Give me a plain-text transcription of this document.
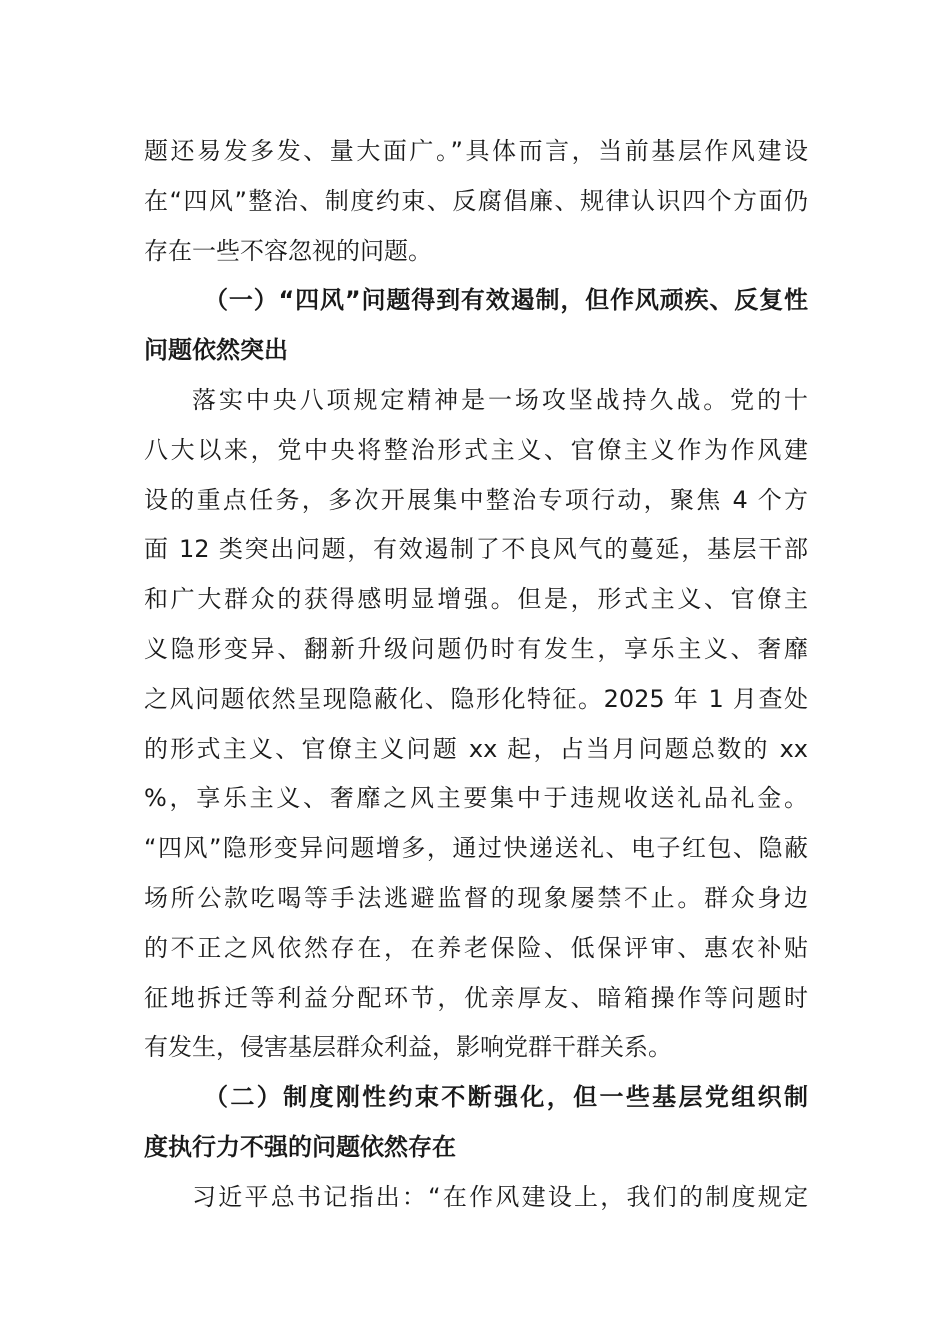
题还易发多发、量大面广。”具体而言，当前基层作风建设
在“四风”整治、制度约束、反腐倡廉、规律认识四个方面仍
存在一些不容忽视的问题。
（一）“四风”问题得到有效遏制，但作风顽疾、反复性
问题依然突出
落实中央八项规定精神是一场攻坚战持久战。党的十
八大以来，党中央将整治形式主义、官僚主义作为作风建
设的重点任务，多次开展集中整治专项行动，聚焦 4 个方
面 12 类突出问题，有效遏制了不良风气的蔓延，基层干部
和广大群众的获得感明显增强。但是，形式主义、官僚主
义隐形变异、翻新升级问题仍时有发生，享乐主义、奢靡
之风问题依然呈现隐蔽化、隐形化特征。2025 年 1 月查处
的形式主义、官僚主义问题 xx 起，占当月问题总数的 xx
%，享乐主义、奢靡之风主要集中于违规收送礼品礼金。
“四风”隐形变异问题增多，通过快递送礼、电子红包、隐蔽
场所公款吃喝等手法逃避监督的现象屡禁不止。群众身边
的不正之风依然存在，在养老保险、低保评审、惠农补贴
征地拆迁等利益分配环节，优亲厚友、暗箱操作等问题时
有发生，侵害基层群众利益，影响党群干群关系。
（二）制度刚性约束不断强化，但一些基层党组织制
度执行力不强的问题依然存在
习近平总书记指出：“在作风建设上，我们的制度规定
